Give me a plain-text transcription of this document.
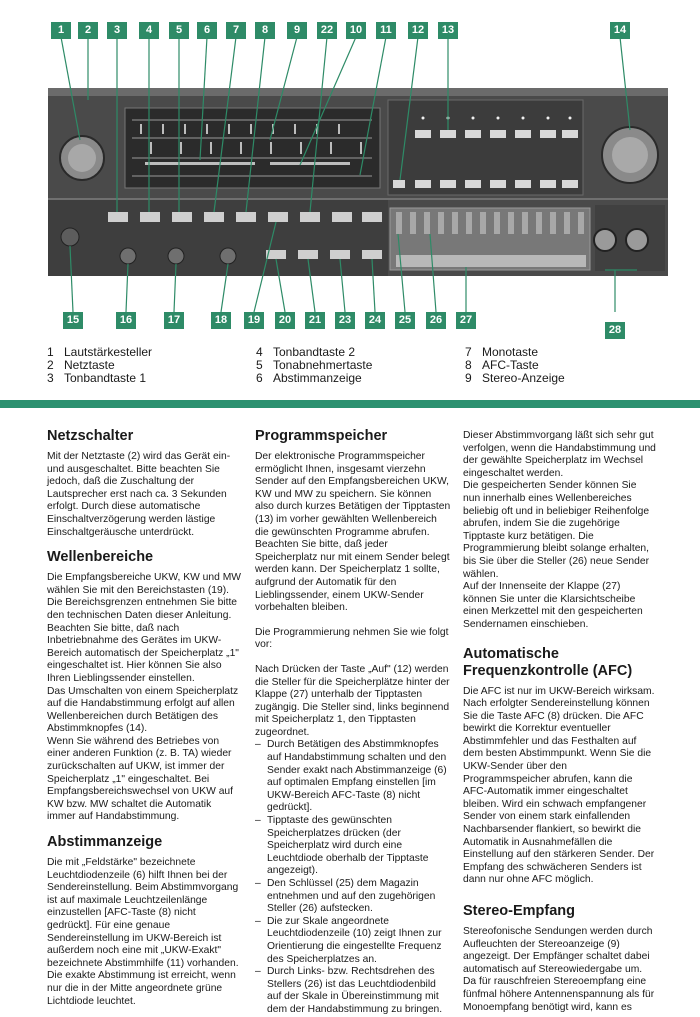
1	2	3	4	5	6	7	8	9	22	10	11	12	13	14
15	16	17	18	19	20	21	23	24	25	26	27
28
1 Lautstärkesteller
2 Netztaste
3 Tonbandtaste 1
4 Tonbandtaste 2
5 Tonabnehmertaste
6 Abstimmanzeige
7 Monotaste
8 AFC-Taste
9 Stereo-Anzeige
Netzschalter

Mit der Netztaste (2) wird das Gerät ein- und ausgeschaltet. Bitte beachten Sie jedoch, daß die Zuschaltung der Lautsprecher erst nach ca. 3 Sekunden erfolgt. Durch diese automatische Einschaltverzögerung werden lästige Einschaltgeräusche unterdrückt.

Wellenbereiche

Die Empfangsbereiche UKW, KW und MW wählen Sie mit den Bereichstasten (19). Die Bereichsgrenzen entnehmen Sie bitte den technischen Daten dieser Anleitung.

Beachten Sie bitte, daß nach Inbetriebnahme des Gerätes im UKW-Bereich automatisch der Speicherplatz „1" eingeschaltet ist. Hier können Sie also Ihren Lieblingssender einstellen.

Das Umschalten von einem Speicherplatz auf die Handabstimmung erfolgt auf allen Wellenbereichen durch Betätigen des Abstimmknopfes (14).

Wenn Sie während des Betriebes von einer anderen Funktion (z. B. TA) wieder zurückschalten auf UKW, ist immer der Speicherplatz „1" eingeschaltet. Bei Empfangsbereichswechsel von UKW auf KW bzw. MW schaltet die Automatik immer auf Handabstimmung.

Abstimmanzeige

Die mit „Feldstärke" bezeichnete Leuchtdiodenzeile (6) hilft Ihnen bei der Sendereinstellung. Beim Abstimmvorgang ist auf maximale Leuchtzeilenlänge einzustellen [AFC-Taste (8) nicht gedrückt]. Für eine genaue Sendereinstellung im UKW-Bereich ist außerdem noch eine mit „UKW-Exakt" bezeichnete Abstimmhilfe (11) vorhanden. Die exakte Abstimmung ist erreicht, wenn nur die in der Mitte angeordnete grüne Lichtdiode leuchtet.

Programmspeicher

Der elektronische Programmspeicher ermöglicht Ihnen, insgesamt vierzehn Sender auf den Empfangsbereichen UKW, KW und MW zu speichern. Sie können also durch kurzes Betätigen der Tipptasten (13) im vorher gewählten Wellenbereich die gewünschten Programme abrufen.

Beachten Sie bitte, daß jeder Speicherplatz nur mit einem Sender belegt werden kann. Der Speicherplatz 1 sollte, aufgrund der Automatik für den Lieblingssender, einem UKW-Sender vorbehalten bleiben.

Die Programmierung nehmen Sie wie folgt vor:

Nach Drücken der Taste „Auf" (12) werden die Steller für die Speicherplätze hinter der Klappe (27) unterhalb der Tipptasten zugängig. Die Steller sind, links beginnend mit Speicherplatz 1, den Tipptasten zugeordnet.

– Durch Betätigen des Abstimmknopfes auf Handabstimmung schalten und den Sender exakt nach Abstimmanzeige (6) auf optimalen Empfang einstellen [im UKW-Bereich AFC-Taste (8) nicht gedrückt].
– Tipptaste des gewünschten Speicherplatzes drücken (der Speicherplatz wird durch eine Leuchtdiode oberhalb der Tipptaste angezeigt).
– Den Schlüssel (25) dem Magazin entnehmen und auf den zugehörigen Steller (26) aufstecken.
– Die zur Skale angeordnete Leuchtdiodenzeile (10) zeigt Ihnen zur Orientierung die eingestellte Frequenz des Speicherplatzes an.
– Durch Links- bzw. Rechtsdrehen des Stellers (26) ist das Leuchtdiodenbild auf der Skale in Übereinstimmung mit dem der Handabstimmung zu bringen.

Dieser Abstimmvorgang läßt sich sehr gut verfolgen, wenn die Handabstimmung und der gewählte Speicherplatz im Wechsel eingeschaltet werden.

Die gespeicherten Sender können Sie nun innerhalb eines Wellenbereiches beliebig oft und in beliebiger Reihenfolge abrufen, indem Sie die zugehörige Tipptaste kurz betätigen. Die Programmierung bleibt solange erhalten, bis Sie über die Steller (26) neue Sender wählen.

Auf der Innenseite der Klappe (27) können Sie unter die Klarsichtscheibe einen Merkzettel mit den gespeicherten Sendernamen einschieben.

Automatische Frequenzkontrolle (AFC)

Die AFC ist nur im UKW-Bereich wirksam. Nach erfolgter Sendereinstellung können Sie die Taste AFC (8) drücken. Die AFC bewirkt die Korrektur eventueller Abstimmfehler und das Festhalten auf dem besten Abstimmpunkt. Wenn Sie die UKW-Sender über den Programmspeicher abrufen, kann die AFC-Automatik immer eingeschaltet bleiben. Wird ein schwach empfangener Sender von einem stark einfallenden Nachbarsender flankiert, so bewirkt die Automatik in Ausnahmefällen die Einstellung auf den stärkeren Sender. Der Empfang des schwächeren Senders ist dann nur ohne AFC möglich.

Stereo-Empfang

Stereofonische Sendungen werden durch Aufleuchten der Stereoanzeige (9) angezeigt. Der Empfänger schaltet dabei automatisch auf Stereowiedergabe um. Da für rauschfreien Stereoempfang eine fünfmal höhere Antennenspannung als für Monoempfang benötigt wird, kann es
